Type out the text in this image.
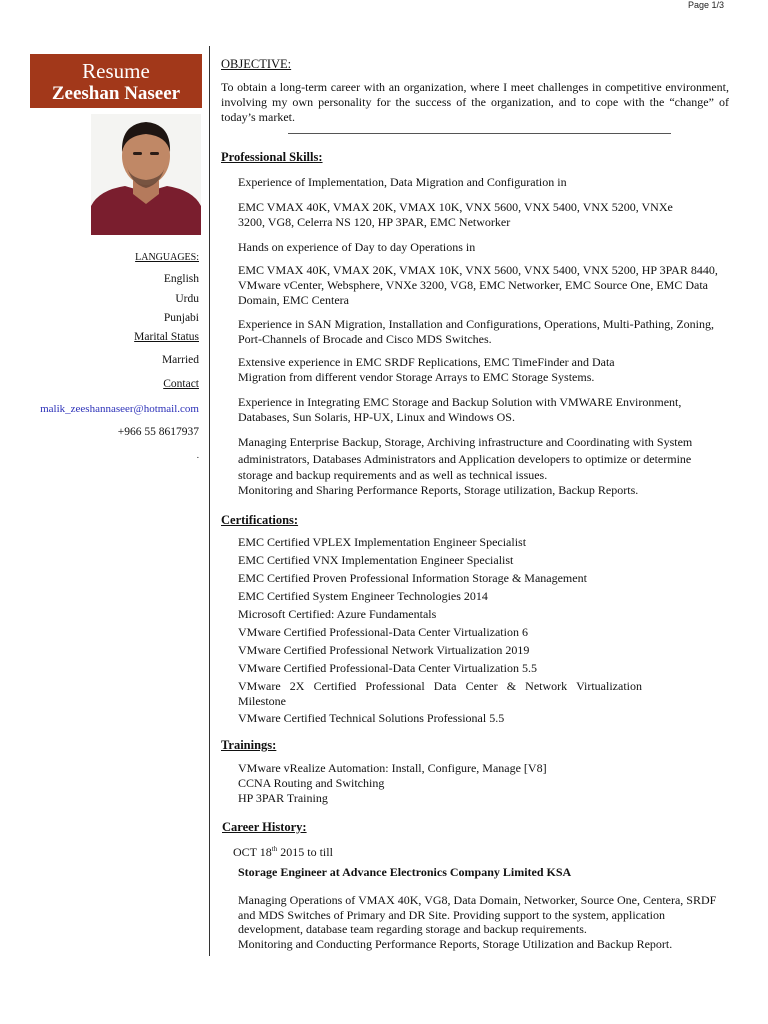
Page 1/3
Resume
Zeeshan Naseer
LANGUAGES:
English
Urdu
Punjabi
Marital Status
Married
Contact
malik_zeeshannaseer@hotmail.com
+966 55 8617937
.
OBJECTIVE:
To obtain a long-term career with an organization, where I meet challenges in competitive environment, involving my own personality for the success of the organization, and to cope with the “change” of today’s market.
Professional Skills:
Experience of Implementation, Data Migration and Configuration in
EMC VMAX 40K, VMAX 20K, VMAX 10K, VNX 5600, VNX 5400, VNX 5200, VNXe 3200, VG8, Celerra NS 120, HP 3PAR, EMC Networker
Hands on experience of Day to day Operations in
EMC VMAX 40K, VMAX 20K, VMAX 10K, VNX 5600, VNX 5400, VNX 5200, HP 3PAR 8440, VMware vCenter, Websphere, VNXe 3200, VG8, EMC Networker, EMC Source One, EMC Data Domain, EMC Centera
Experience in SAN Migration, Installation and Configurations, Operations, Multi-Pathing, Zoning, Port-Channels of Brocade and Cisco MDS Switches.
Extensive experience in EMC SRDF Replications, EMC TimeFinder and Data Migration from different vendor Storage Arrays to EMC Storage Systems.
Experience in Integrating EMC Storage and Backup Solution with VMWARE Environment, Databases, Sun Solaris, HP-UX, Linux and Windows OS.
Managing Enterprise Backup, Storage, Archiving infrastructure and Coordinating with System administrators, Databases Administrators and Application developers to optimize or determine storage and backup requirements and as well as technical issues.
Monitoring and Sharing Performance Reports, Storage utilization, Backup Reports.
Certifications:
EMC Certified VPLEX Implementation Engineer Specialist
EMC Certified VNX Implementation Engineer Specialist
EMC Certified Proven Professional Information Storage & Management
EMC Certified System Engineer Technologies 2014
Microsoft Certified: Azure Fundamentals
VMware Certified Professional-Data Center Virtualization 6
VMware Certified Professional Network Virtualization 2019
VMware Certified Professional-Data Center Virtualization 5.5
VMware 2X Certified Professional Data Center & Network Virtualization Milestone
VMware Certified Technical Solutions Professional 5.5
Trainings:
VMware vRealize Automation: Install, Configure, Manage [V8]
CCNA Routing and Switching
HP 3PAR Training
Career History:
OCT 18th 2015 to till
Storage Engineer at Advance Electronics Company Limited KSA
Managing Operations of VMAX 40K, VG8, Data Domain, Networker, Source One, Centera, SRDF and MDS Switches of Primary and DR Site. Providing support to the system, application development, database team regarding storage and backup requirements.
Monitoring and Conducting Performance Reports, Storage Utilization and Backup Report.
